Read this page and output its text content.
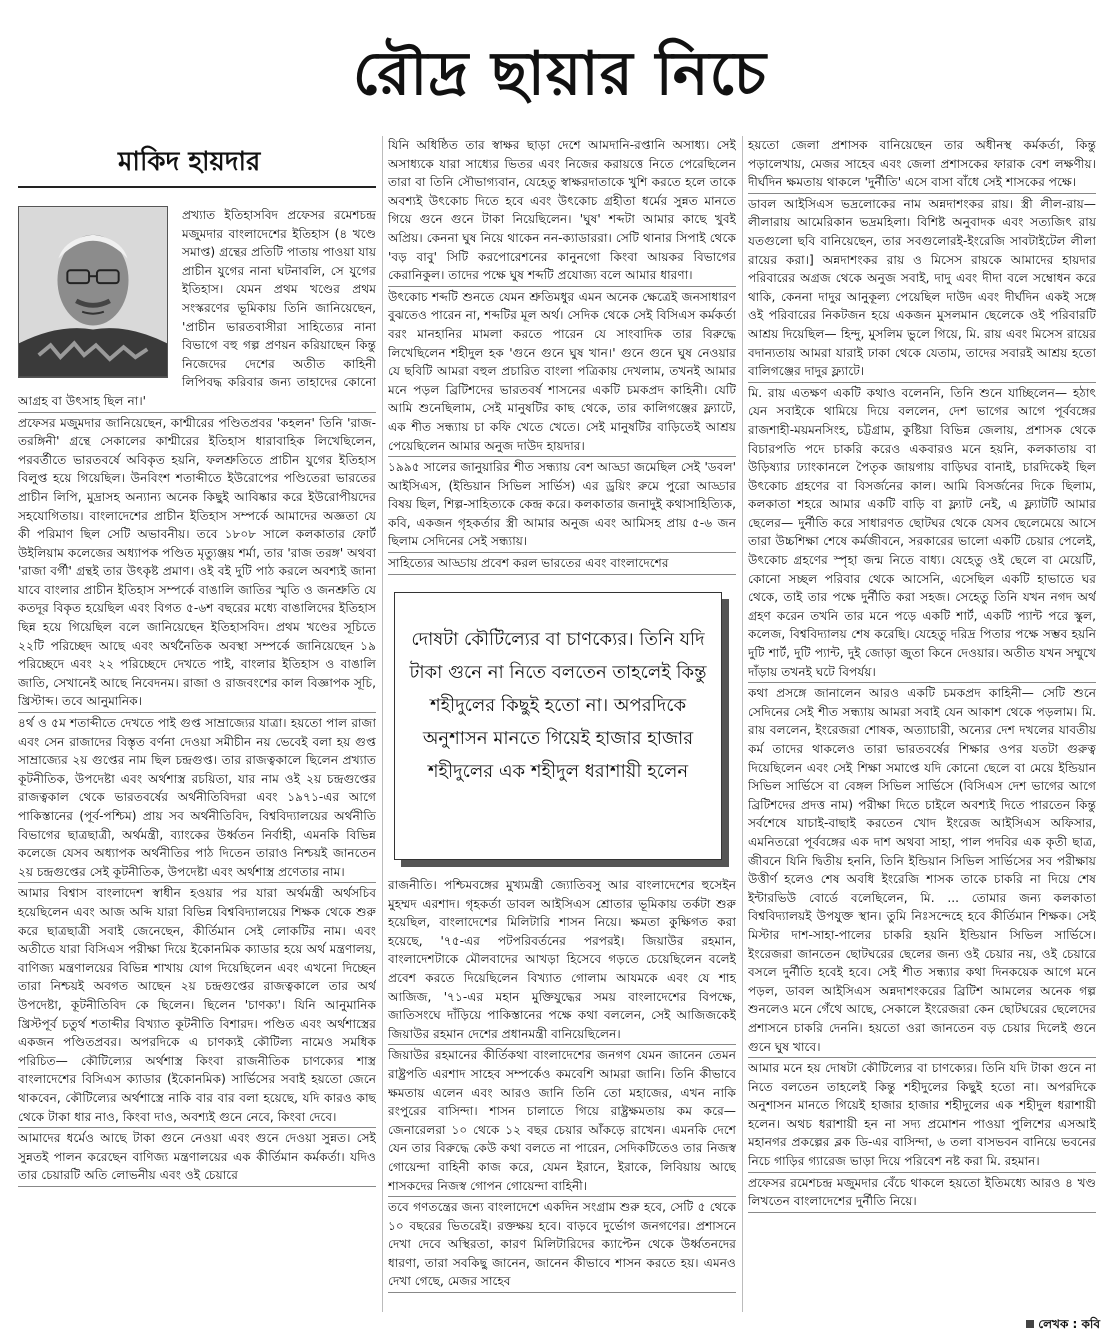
রৌদ্র ছায়ার নিচে
মাকিদ হায়দার

প্রখ্যাত ইতিহাসবিদ প্রফেসর রমেশচন্দ্র মজুমদার বাংলাদেশের ইতিহাস (৪ খণ্ডে সমাপ্ত) গ্রন্থের প্রতিটি পাতায় পাওয়া যায় প্রাচীন যুগের নানা ঘটনাবলি, সে যুগের ইতিহাস। যেমন প্রথম খণ্ডের প্রথম সংস্করণের ভূমিকায় তিনি জানিয়েছেন, 'প্রাচীন ভারতবাসীরা সাহিত্যের নানা বিভাগে বহু গল্প প্রণয়ন করিয়াছেন কিন্তু নিজেদের দেশের অতীত কাহিনী লিপিবদ্ধ করিবার জন্য তাহাদের কোনো আগ্রহ বা উৎসাহ ছিল না।'

প্রফেসর মজুমদার জানিয়েছেন, কাশ্মীরের পণ্ডিতপ্রবর 'কহলন' তিনি 'রাজ-তরঙ্গিনী' গ্রন্থে সেকালের কাশ্মীরের ইতিহাস ধারাবাহিক লিখেছিলেন, পরবর্তীতে ভারতবর্ষে অবিকৃত হয়নি, ফলশ্রুতিতে প্রাচীন যুগের ইতিহাস বিলুপ্ত হয়ে গিয়েছিল। উনবিংশ শতাব্দীতে ইউরোপের পণ্ডিতেরা ভারতের প্রাচীন লিপি, মুদ্রাসহ অন্যান্য অনেক কিছুই আবিষ্কার করে ইউরোপীয়দের সহযোগিতায়। বাংলাদেশের প্রাচীন ইতিহাস সম্পর্কে আমাদের অজ্ঞতা যে কী পরিমাণ ছিল সেটি অভাবনীয়। তবে ১৮০৮ সালে কলকাতার ফোর্ট উইলিয়াম কলেজের অধ্যাপক পণ্ডিত মৃত্যুঞ্জয় শর্মা, তার 'রাজ তরঙ্গ' অথবা 'রাজা বর্গী' গ্রন্থই তার উৎকৃষ্ট প্রমাণ। ওই বই দুটি পাঠ করলে অবশ্যই জানা যাবে বাংলার প্রাচীন ইতিহাস সম্পর্কে বাঙালি জাতির স্মৃতি ও জনশ্রুতি যে কতদূর বিকৃত হয়েছিল এবং বিগত ৫-৬শ বছরের মধ্যে বাঙালিদের ইতিহাস ছিন্ন হয়ে গিয়েছিল বলে জানিয়েছেন ইতিহাসবিদ। প্রথম খণ্ডের সূচিতে ২২টি পরিচ্ছেদ আছে এবং অর্থনৈতিক অবস্থা সম্পর্কে জানিয়েছেন ১৯ পরিচ্ছেদে এবং ২২ পরিচ্ছেদে দেখতে পাই, বাংলার ইতিহাস ও বাঙালি জাতি, সেখানেই আছে নিবেদনম। রাজা ও রাজবংশের কাল বিজ্ঞাপক সূচি, খ্রিস্টাব্দ। তবে আনুমানিক।

৪র্থ ও ৫ম শতাব্দীতে দেখতে পাই গুপ্ত সাম্রাজ্যের যাত্রা। হয়তো পাল রাজা এবং সেন রাজাদের বিস্তৃত বর্ণনা দেওয়া সমীচীন নয় ভেবেই বলা হয় গুপ্ত সাম্রাজ্যের ২য় গুপ্তের নাম ছিল চন্দ্রগুপ্ত। তার রাজত্বকালে ছিলেন প্রখ্যাত কূটনীতিক, উপদেষ্টা এবং অর্থশাস্ত্র রচয়িতা, যার নাম ওই ২য় চন্দ্রগুপ্তের রাজত্বকাল থেকে ভারতবর্ষের অর্থনীতিবিদরা এবং ১৯৭১-এর আগে পাকিস্তানের (পূর্ব-পশ্চিম) প্রায় সব অর্থনীতিবিদ, বিশ্ববিদ্যালয়ের অর্থনীতি বিভাগের ছাত্রছাত্রী, অর্থমন্ত্রী, ব্যাংকের উর্ধ্বতন নির্বাহী, এমনকি বিভিন্ন কলেজে যেসব অধ্যাপক অর্থনীতির পাঠ দিতেন তারাও নিশ্চয়ই জানতেন ২য় চন্দ্রগুপ্তের সেই কূটনীতিক, উপদেষ্টা এবং অর্থশাস্ত্র প্রণেতার নাম।

আমার বিশ্বাস বাংলাদেশ স্বাধীন হওয়ার পর যারা অর্থমন্ত্রী অর্থসচিব হয়েছিলেন এবং আজ অব্দি যারা বিভিন্ন বিশ্ববিদ্যালয়ের শিক্ষক থেকে শুরু করে ছাত্রছাত্রী সবাই জেনেছেন, কীর্তিমান সেই লোকটির নাম। এবং অতীতে যারা বিসিএস পরীক্ষা দিয়ে ইকোনমিক ক্যাডার হয়ে অর্থ মন্ত্রণালয়, বাণিজ্য মন্ত্রণালয়ের বিভিন্ন শাখায় যোগ দিয়েছিলেন এবং এখনো দিচ্ছেন তারা নিশ্চয়ই অবগত আছেন ২য় চন্দ্রগুপ্তের রাজত্বকালে তার অর্থ উপদেষ্টা, কূটনীতিবিদ কে ছিলেন। ছিলেন 'চাণক্য'। যিনি আনুমানিক খ্রিস্টপূর্ব চতুর্থ শতাব্দীর বিখ্যাত কূটনীতি বিশারদ। পণ্ডিত এবং অর্থশাস্ত্রের একজন পণ্ডিতপ্রবর। অপরদিকে এ চাণক্যই কৌটিল্য নামেও সমধিক পরিচিত— কৌটিল্যের অর্থশাস্ত্র কিংবা রাজনীতিক চাণক্যের শাস্ত্র বাংলাদেশের বিসিএস ক্যাডার (ইকোনমিক) সার্ভিসের সবাই হয়তো জেনে থাকবেন, কৌটিল্যের অর্থশাস্ত্রে নাকি বার বার বলা হয়েছে, যদি কারও কাছ থেকে টাকা ধার নাও, কিংবা দাও, অবশ্যই গুনে নেবে, কিংবা দেবে।

আমাদের ধর্মেও আছে টাকা গুনে নেওয়া এবং গুনে দেওয়া সুন্নত। সেই সুন্নতই পালন করেছেন বাণিজ্য মন্ত্রণালয়ের এক কীর্তিমান কর্মকর্তা। যদিও তার চেয়ারটি অতি লোভনীয় এবং ওই চেয়ারে

যিনি অধিষ্ঠিত তার স্বাক্ষর ছাড়া দেশে আমদানি-রপ্তানি অসাধ্য। সেই অসাধ্যকে যারা সাধ্যের ভিতর এবং নিজের করায়ত্তে নিতে পেরেছিলেন তারা বা তিনি সৌভাগ্যবান, যেহেতু স্বাক্ষরদাতাকে খুশি করতে হলে তাকে অবশ্যই উৎকোচ দিতে হবে এবং উৎকোচ গ্রহীতা ধর্মের সুন্নত মানতে গিয়ে গুনে গুনে টাকা নিয়েছিলেন। 'ঘুষ' শব্দটা আমার কাছে খুবই অপ্রিয়। কেননা ঘুষ নিয়ে থাকেন নন-ক্যাডাররা। সেটি থানার সিপাই থেকে 'বড় বাবু' সিটি করপোরেশনের কানুনগো কিংবা আয়কর বিভাগের কেরানিকুল। তাদের পক্ষে ঘুষ শব্দটি প্রযোজ্য বলে আমার ধারণা।

উৎকোচ শব্দটি শুনতে যেমন শ্রুতিমধুর এমন অনেক ক্ষেত্রেই জনসাধারণ বুঝতেও পারেন না, শব্দটির মূল অর্থ। সেদিক থেকে সেই বিসিএস কর্মকর্তা বরং মানহানির মামলা করতে পারেন যে সাংবাদিক তার বিরুদ্ধে লিখেছিলেন শহীদুল হক 'গুনে গুনে ঘুষ খান।' গুনে গুনে ঘুষ নেওয়ার যে ছবিটি আমরা বহুল প্রচারিত বাংলা পত্রিকায় দেখলাম, তখনই আমার মনে পড়ল ব্রিটিশদের ভারতবর্ষ শাসনের একটি চমকপ্রদ কাহিনী। যেটি আমি শুনেছিলাম, সেই মানুষটির কাছ থেকে, তার কালিগঞ্জের ফ্ল্যাটে, এক শীত সন্ধ্যায় চা কফি খেতে খেতে। সেই মানুষটির বাড়িতেই আশ্রয় পেয়েছিলেন আমার অনুজ দাউদ হায়দার।

১৯৯৫ সালের জানুয়ারির শীত সন্ধ্যায় বেশ আড্ডা জমেছিল সেই 'ডবল' আইসিএস, (ইন্ডিয়ান সিভিল সার্ভিস) এর ড্রয়িং রুমে পুরো আড্ডার বিষয় ছিল, শিল্প-সাহিত্যকে কেন্দ্র করে। কলকাতার জনাদুই কথাসাহিত্যিক, কবি, একজন গৃহকর্তার স্ত্রী আমার অনুজ এবং আমিসহ প্রায় ৫-৬ জন ছিলাম সেদিনের সেই সন্ধ্যায়।

সাহিত্যের আড্ডায় প্রবেশ করল ভারতের এবং বাংলাদেশের

দোষটা কৌটিল্যের বা চাণক্যের। তিনি যদি টাকা গুনে না নিতে বলতেন তাহলেই কিন্তু শহীদুলের কিছুই হতো না। অপরদিকে অনুশাসন মানতে গিয়েই হাজার হাজার শহীদুলের এক শহীদুল ধরাশায়ী হলেন

রাজনীতি। পশ্চিমবঙ্গের মুখ্যমন্ত্রী জ্যোতিবসু আর বাংলাদেশের হুসেইন মুহম্মদ এরশাদ। গৃহকর্তা ডাবল আইসিএস শ্রোতার ভূমিকায় তর্কটা শুরু হয়েছিল, বাংলাদেশের মিলিটারি শাসন নিয়ে। ক্ষমতা কুক্ষিগত করা হয়েছে, '৭৫-এর পটপরিবর্তনের পরপরই। জিয়াউর রহমান, বাংলাদেশটাকে মৌলবাদের আখড়া হিসেবে গড়তে চেয়েছিলেন বলেই প্রবেশ করতে দিয়েছিলেন বিখ্যাত গোলাম আযমকে এবং যে শাহ আজিজ, '৭১-এর মহান মুক্তিযুদ্ধের সময় বাংলাদেশের বিপক্ষে, জাতিসংঘে দাঁড়িয়ে পাকিস্তানের পক্ষে কথা বললেন, সেই আজিজকেই জিয়াউর রহমান দেশের প্রধানমন্ত্রী বানিয়েছিলেন।

জিয়াউর রহমানের কীর্তিকথা বাংলাদেশের জনগণ যেমন জানেন তেমন রাষ্ট্রপতি এরশাদ সাহেব সম্পর্কেও কমবেশি আমরা জানি। তিনি কীভাবে ক্ষমতায় এলেন এবং আরও জানি তিনি তো মহাজের, এখন নাকি রংপুরের বাসিন্দা। শাসন চালাতে গিয়ে রাষ্ট্রক্ষমতায় কম করে— জেনারেলরা ১০ থেকে ১২ বছর চেয়ার আঁকড়ে রাখেন। এমনকি দেশে যেন তার বিরুদ্ধে কেউ কথা বলতে না পারেন, সেদিকটিতেও তার নিজস্ব গোয়েন্দা বাহিনী কাজ করে, যেমন ইরানে, ইরাকে, লিবিয়ায় আছে শাসকদের নিজস্ব গোপন গোয়েন্দা বাহিনী।

তবে গণতন্ত্রের জন্য বাংলাদেশে একদিন সংগ্রাম শুরু হবে, সেটি ৫ থেকে ১০ বছরের ভিতরেই। রক্তক্ষয় হবে। বাড়বে দুর্ভোগ জনগণের। প্রশাসনে দেখা দেবে অস্থিরতা, কারণ মিলিটারিদের ক্যাপ্টেন থেকে উর্ধ্বতনদের ধারণা, তারা সবকিছু জানেন, জানেন কীভাবে শাসন করতে হয়। এমনও দেখা গেছে, মেজর সাহেব

হয়তো জেলা প্রশাসক বানিয়েছেন তার অধীনস্থ কর্মকর্তা, কিন্তু পড়ালেখায়, মেজর সাহেব এবং জেলা প্রশাসকের ফারাক বেশ লক্ষণীয়। দীর্ঘদিন ক্ষমতায় থাকলে 'দুর্নীতি' এসে বাসা বাঁধে সেই শাসকের পক্ষে।

ডাবল আইসিএস ভদ্রলোকের নাম অন্নদাশংকর রায়। স্ত্রী লীল-রায়— লীলারায় আমেরিকান ভদ্রমহিলা। বিশিষ্ট অনুবাদক এবং সত্যজিৎ রায় যতগুলো ছবি বানিয়েছেন, তার সবগুলোরই-ইংরেজি সাবটাইটেল লীলা রায়ের করা।] অন্নদাশংকর রায় ও মিসেস রায়কে আমাদের হায়দার পরিবারের অগ্রজ থেকে অনুজ সবাই, দাদু এবং দীদা বলে সম্বোধন করে থাকি, কেননা দাদুর আনুকূল্য পেয়েছিল দাউদ এবং দীর্ঘদিন একই সঙ্গে ওই পরিবারের নিকটজন হয়ে একজন মুসলমান ছেলেকে ওই পরিবারটি আশ্রয় দিয়েছিল— হিন্দু, মুসলিম ভুলে গিয়ে, মি. রায় এবং মিসেস রায়ের বদান্যতায় আমরা যারাই ঢাকা থেকে যেতাম, তাদের সবারই আশ্রয় হতো বালিগঞ্জের দাদুর ফ্ল্যাটে।

মি. রায় এতক্ষণ একটি কথাও বলেননি, তিনি শুনে যাচ্ছিলেন— হঠাৎ যেন সবাইকে থামিয়ে দিয়ে বললেন, দেশ ভাগের আগে পূর্ববঙ্গের রাজশাহী-ময়মনসিংহ, চট্টগ্রাম, কুষ্টিয়া বিভিন্ন জেলায়, প্রশাসক থেকে বিচারপতি পদে চাকরি করেও একবারও মনে হয়নি, কলকাতায় বা উড়িষ্যার ঢ্যাংকানলে পৈতৃক জায়গায় বাড়িঘর বানাই, চারদিকেই ছিল উৎকোচ গ্রহণের বা বিসর্জনের কাল। আমি বিসর্জনের দিকে ছিলাম, কলকাতা শহরে আমার একটি বাড়ি বা ফ্ল্যাট নেই, এ ফ্ল্যাটটি আমার ছেলের— দুর্নীতি করে সাধারণত ছোটঘর থেকে যেসব ছেলেমেয়ে আসে তারা উচ্চশিক্ষা শেষে কর্মজীবনে, সরকারের ভালো একটি চেয়ার পেলেই, উৎকোচ গ্রহণের স্পৃহা জন্ম নিতে বাধ্য। যেহেতু ওই ছেলে বা মেয়েটি, কোনো সচ্ছল পরিবার থেকে আসেনি, এসেছিল একটি হাভাতে ঘর থেকে, তাই তার পক্ষে দুর্নীতি করা সহজ। সেহেতু তিনি যখন নগদ অর্থ গ্রহণ করেন তখনি তার মনে পড়ে একটি শার্ট, একটি প্যান্ট পরে স্কুল, কলেজ, বিশ্ববিদ্যালয় শেষ করেছি। যেহেতু দরিদ্র পিতার পক্ষে সম্ভব হয়নি দুটি শার্ট, দুটি প্যান্ট, দুই জোড়া জুতা কিনে দেওয়ার। অতীত যখন সম্মুখে দাঁড়ায় তখনই ঘটে বিপর্যয়।

কথা প্রসঙ্গে জানালেন আরও একটি চমকপ্রদ কাহিনী— সেটি শুনে সেদিনের সেই শীত সন্ধ্যায় আমরা সবাই যেন আকাশ থেকে পড়লাম। মি. রায় বললেন, ইংরেজরা শোষক, অত্যাচারী, অন্যের দেশ দখলের যাবতীয় কর্ম তাদের থাকলেও তারা ভারতবর্ষের শিক্ষার ওপর যতটা গুরুত্ব দিয়েছিলেন এবং সেই শিক্ষা সমাপ্তে যদি কোনো ছেলে বা মেয়ে ইন্ডিয়ান সিভিল সার্ভিসে বা বেঙ্গল সিভিল সার্ভিসে (বিসিএস দেশ ভাগের আগে ব্রিটিশদের প্রদত্ত নাম) পরীক্ষা দিতে চাইলে অবশ্যই দিতে পারতেন কিন্তু সর্বশেষে যাচাই-বাছাই করতেন খোদ ইংরেজ আইসিএস অফিসার, এমনিতরো পূর্ববঙ্গের এক দাশ অথবা সাহা, পাল পদবির এক কৃতী ছাত্র, জীবনে যিনি দ্বিতীয় হননি, তিনি ইন্ডিয়ান সিভিল সার্ভিসের সব পরীক্ষায় উত্তীর্ণ হলেও শেষ অবধি ইংরেজি শাসক তাকে চাকরি না দিয়ে শেষ ইন্টারভিউ বোর্ডে বলেছিলেন, মি. ... তোমার জন্য কলকাতা বিশ্ববিদ্যালয়ই উপযুক্ত স্থান। তুমি নিঃসন্দেহে হবে কীর্তিমান শিক্ষক। সেই মিস্টার দাশ-সাহা-পালের চাকরি হয়নি ইন্ডিয়ান সিভিল সার্ভিসে। ইংরেজরা জানতেন ছোটঘরের ছেলের জন্য ওই চেয়ার নয়, ওই চেয়ারে বসলে দুর্নীতি হবেই হবে। সেই শীত সন্ধ্যার কথা দিনকয়েক আগে মনে পড়ল, ডাবল আইসিএস অন্নদাশংকরের ব্রিটিশ আমলের অনেক গল্প শুনলেও মনে গেঁথে আছে, সেকালে ইংরেজরা কেন ছোটঘরের ছেলেদের প্রশাসনে চাকরি দেননি। হয়তো ওরা জানতেন বড় চেয়ার দিলেই গুনে গুনে ঘুষ খাবে।

আমার মনে হয় দোষটা কৌটিল্যের বা চাণক্যের। তিনি যদি টাকা গুনে না নিতে বলতেন তাহলেই কিন্তু শহীদুলের কিছুই হতো না। অপরদিকে অনুশাসন মানতে গিয়েই হাজার হাজার শহীদুলের এক শহীদুল ধরাশায়ী হলেন। অথচ ধরাশায়ী হন না সদ্য প্রমোশন পাওয়া পুলিশের এসআই মহানগর প্রকল্পের ব্লক ডি-এর বাসিন্দা, ৬ তলা বাসভবন বানিয়ে ভবনের নিচে গাড়ির গ্যারেজ ভাড়া দিয়ে পরিবেশ নষ্ট করা মি. রহমান।

প্রফেসর রমেশচন্দ্র মজুমদার বেঁচে থাকলে হয়তো ইতিমধ্যে আরও ৪ খণ্ড লিখতেন বাংলাদেশের দুর্নীতি নিয়ে।

লেখক : কবি
